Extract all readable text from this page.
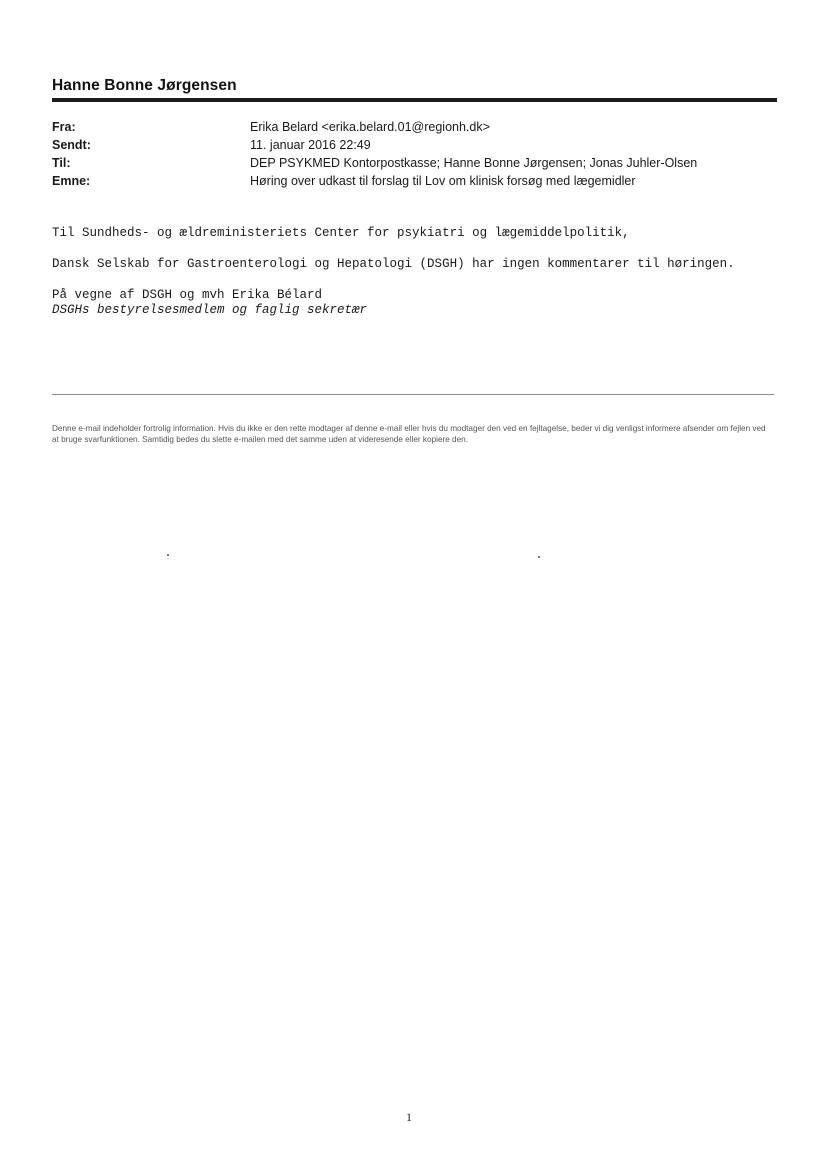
Hanne Bonne Jørgensen
Fra:	Erika Belard <erika.belard.01@regionh.dk>
Sendt:	11. januar 2016 22:49
Til:	DEP PSYKMED Kontorpostkasse; Hanne Bonne Jørgensen; Jonas Juhler-Olsen
Emne:	Høring over udkast til forslag til Lov om klinisk forsøg med lægemidler

Til Sundheds- og ældreministeriets Center for psykiatri og lægemiddelpolitik,

Dansk Selskab for Gastroenterologi og Hepatologi (DSGH) har ingen kommentarer til høringen.

På vegne af DSGH og mvh Erika Bélard

DSGHs bestyrelsesmedlem og faglig sekretær

Denne e-mail indeholder fortrolig information. Hvis du ikke er den rette modtager af denne e-mail eller hvis du modtager den ved en fejltagelse, beder vi dig venligst informere afsender om fejlen ved at bruge svarfunktionen. Samtidig bedes du slette e-mailen med det samme uden at videresende eller kopiere den.
1
